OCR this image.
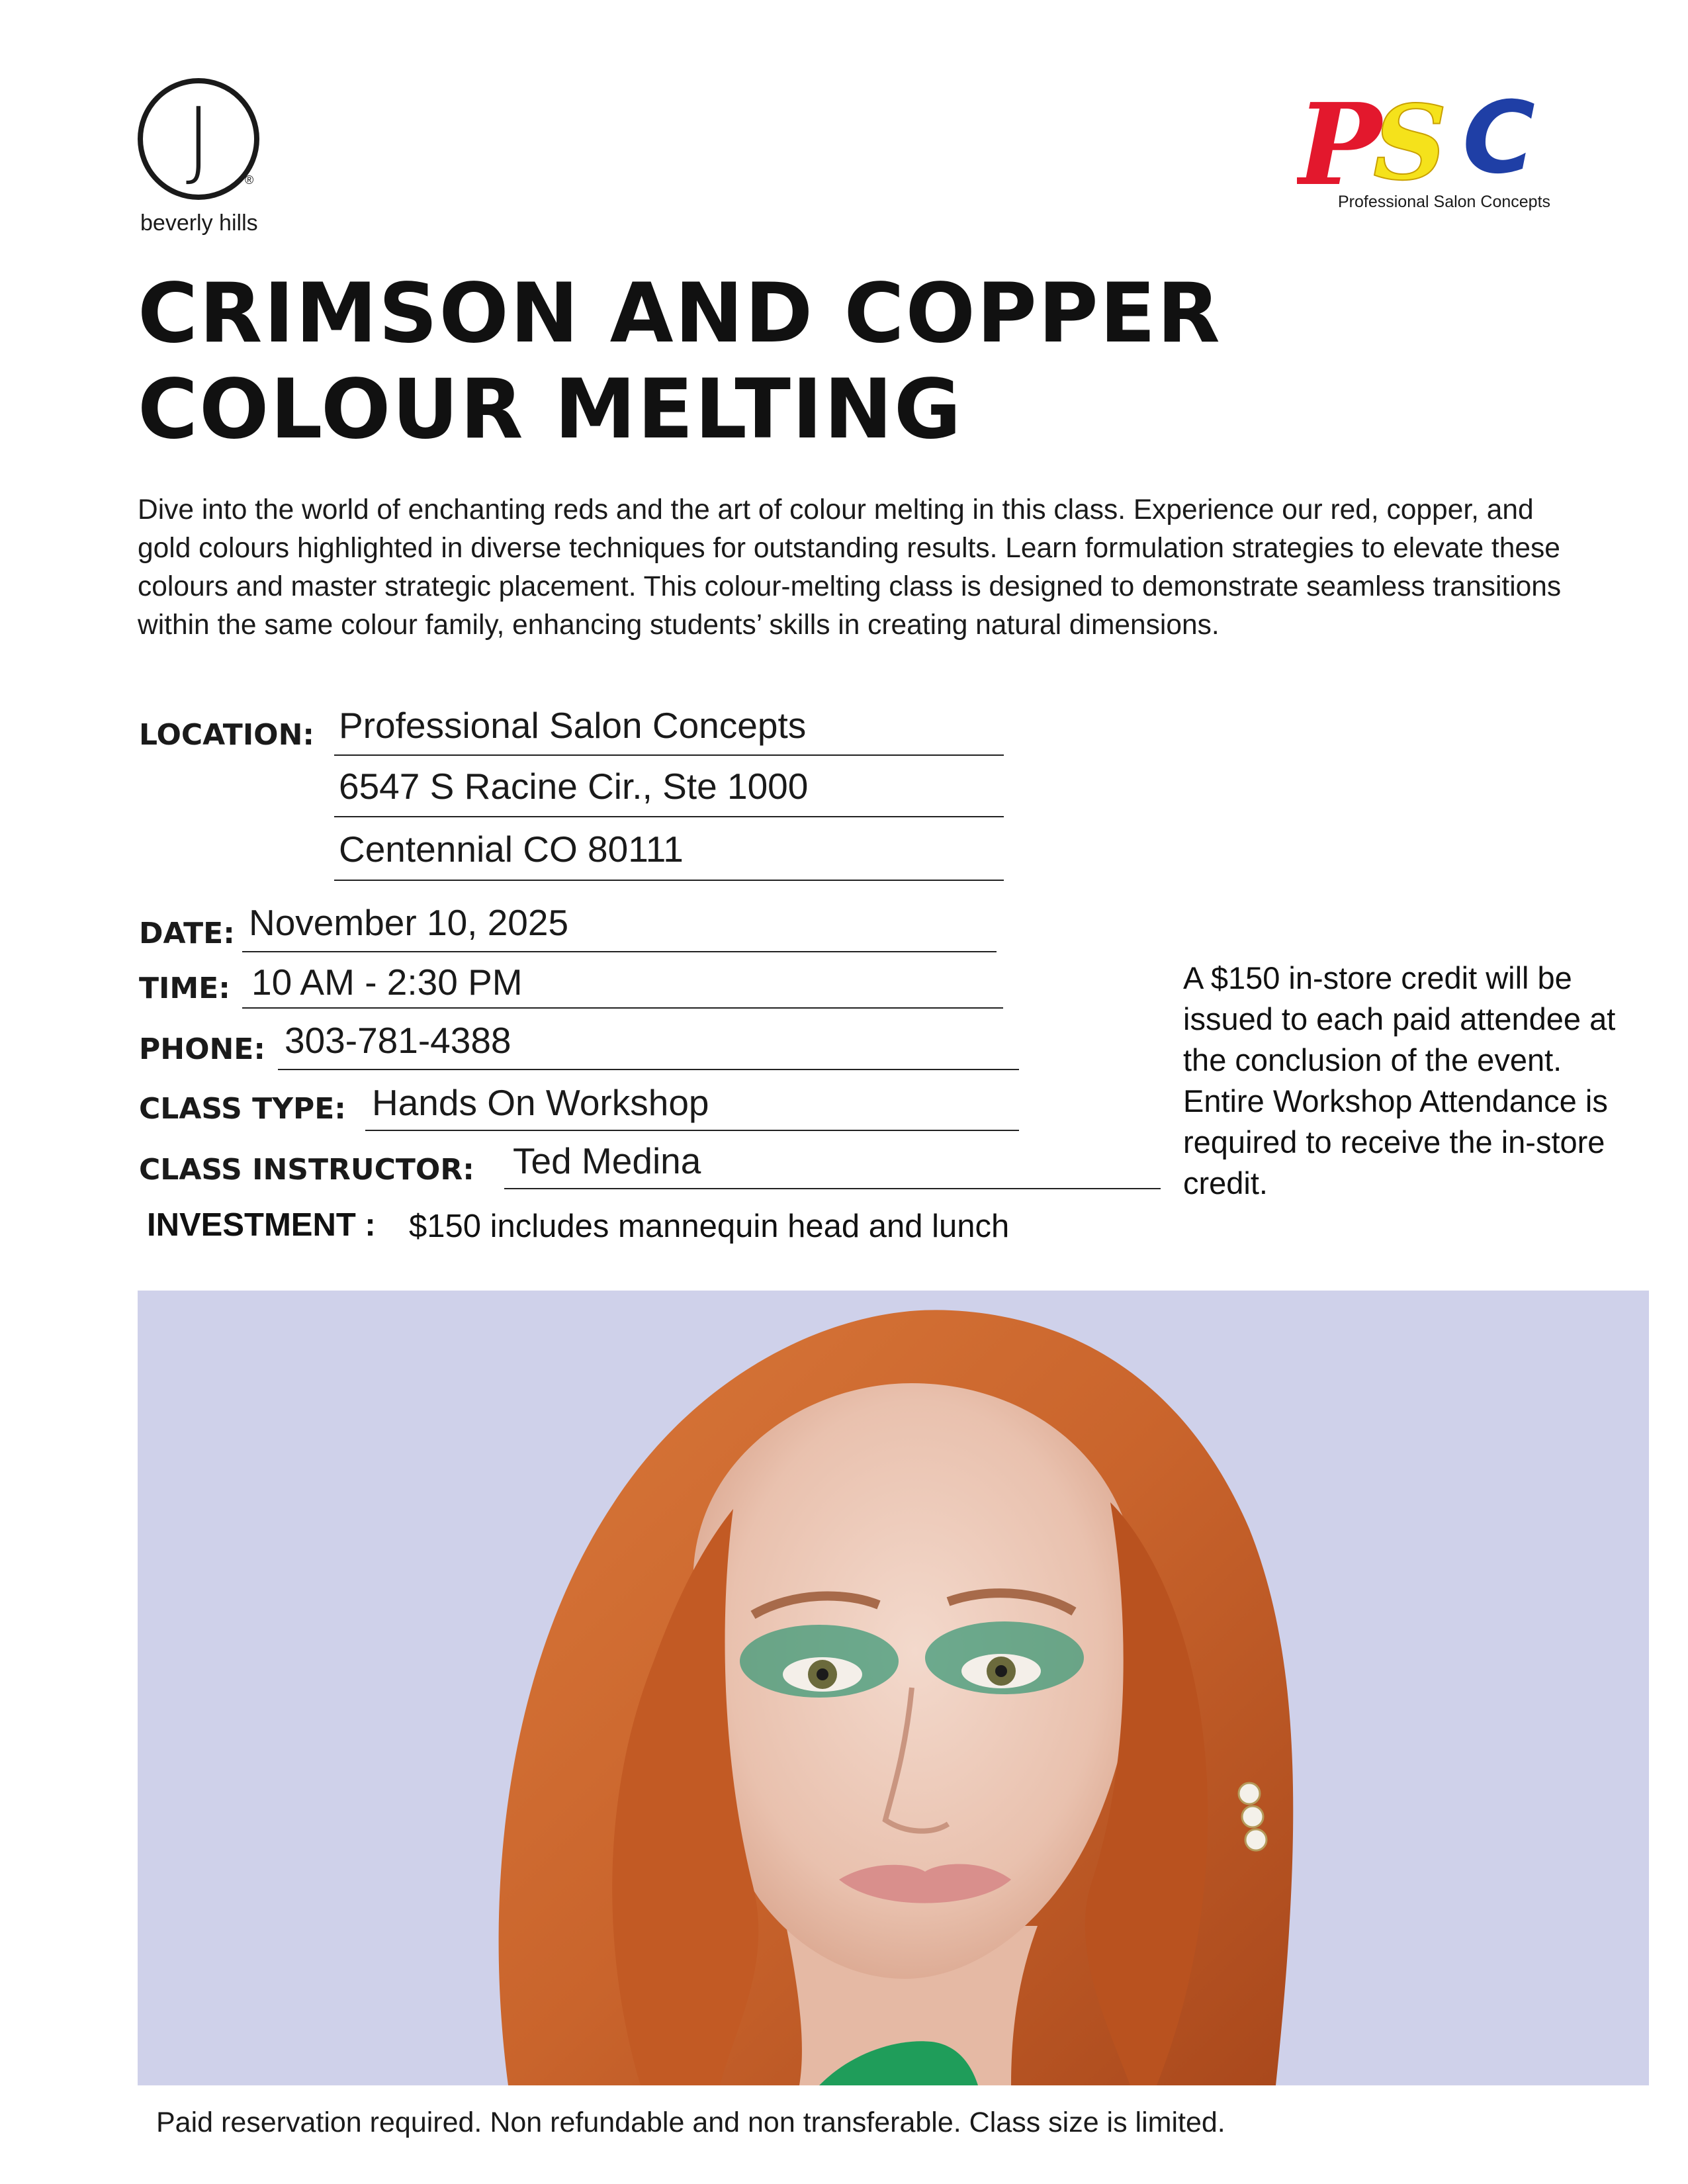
J	®
beverly hills
P
S C
Professional Salon Concepts
CRIMSON AND COPPER
COLOUR MELTING
Dive into the world of enchanting reds and the art of colour melting in this class. Experience our red, copper, and gold colours highlighted in diverse techniques for outstanding results. Learn formulation strategies to elevate these colours and master strategic placement. This colour-melting class is designed to demonstrate seamless transitions within the same colour family, enhancing students’ skills in creating natural dimensions.
LOCATION: Professional Salon Concepts
6547 S Racine Cir., Ste 1000
Centennial CO 80111
DATE: November 10, 2025
TIME: 10 AM - 2:30 PM
PHONE: 303-781-4388
CLASS TYPE: Hands On Workshop
CLASS INSTRUCTOR: Ted Medina
A $150 in-store credit will be issued to each paid attendee at the conclusion of the event. Entire Workshop Attendance is required to receive the in-store credit.
INVESTMENT : $150 includes mannequin head and lunch
Paid reservation required. Non refundable and non transferable. Class size is limited.
